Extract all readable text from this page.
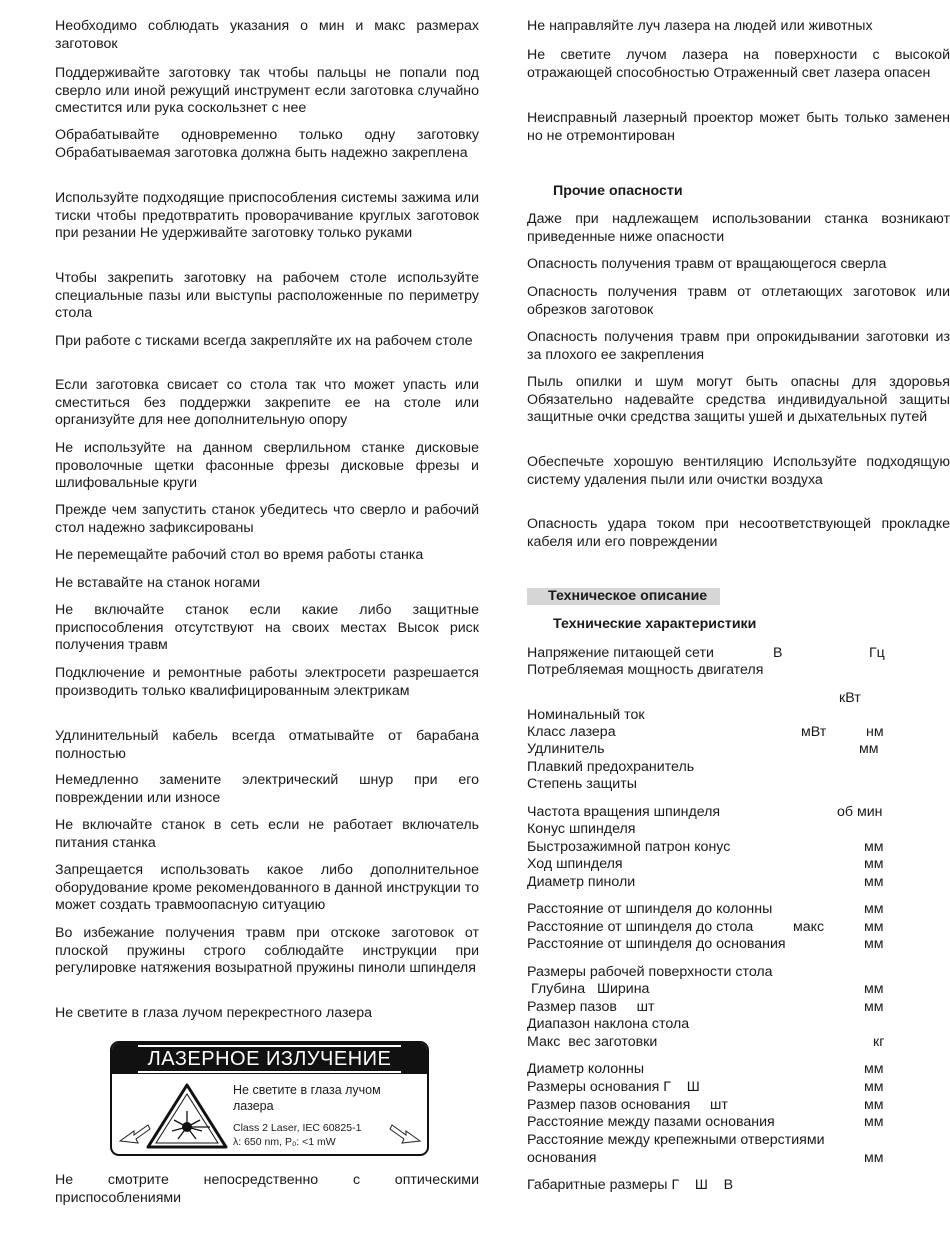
Необходимо соблюдать указания о мин и макс размерах заготовок

Поддерживайте заготовку так чтобы пальцы не попали под сверло или иной режущий инструмент если заготовка случайно сместится или рука соскользнет с нее

Обрабатывайте одновременно только одну заготовку Обрабатываемая заготовка должна быть надежно закреплена

Используйте подходящие приспособления системы зажима или тиски чтобы предотвратить проворачивание круглых заготовок при резании Не удерживайте заготовку только руками

Чтобы закрепить заготовку на рабочем столе используйте специальные пазы или выступы расположенные по периметру стола

При работе с тисками всегда закрепляйте их на рабочем столе

Если заготовка свисает со стола так что может упасть или сместиться без поддержки закрепите ее на столе или организуйте для нее дополнительную опору

Не используйте на данном сверлильном станке дисковые проволочные щетки фасонные фрезы дисковые фрезы и шлифовальные круги

Прежде чем запустить станок убедитесь что сверло и рабочий стол надежно зафиксированы

Не перемещайте рабочий стол во время работы станка

Не вставайте на станок ногами

Не включайте станок если какие либо защитные приспособления отсутствуют на своих местах Высок риск получения травм

Подключение и ремонтные работы электросети разрешается производить только квалифицированным электрикам

Удлинительный кабель всегда отматывайте от барабана полностью

Немедленно замените электрический шнур при его повреждении или износе

Не включайте станок в сеть если не работает включатель питания станка

Запрещается использовать какое либо дополнительное оборудование кроме рекомендованного в данной инструкции то может создать травмоопасную ситуацию

Во избежание получения травм при отскоке заготовок от плоской пружины строго соблюдайте инструкции при регулировке натяжения возыратной пружины пиноли шпинделя

Не светите в глаза лучом перекрестного лазера

Не смотрите непосредственно с оптическими приспособлениями

ЛАЗЕРНОЕ ИЗЛУЧЕНИЕ
Не светите в глаза лучом лазера
Class 2 Laser, IEC 60825-1
λ: 650 nm, P₀: <1 mW

Не направляйте луч лазера на людей или животных

Не светите лучом лазера на поверхности с высокой отражающей способностью Отраженный свет лазера опасен

Неисправный лазерный проектор может быть только заменен но не отремонтирован

Прочие опасности

Даже при надлежащем использовании станка возникают приведенные ниже опасности

Опасность получения травм от вращающегося сверла

Опасность получения травм от отлетающих заготовок или обрезков заготовок

Опасность получения травм при опрокидывании заготовки из за плохого ее закрепления

Пыль опилки и шум могут быть опасны для здоровья Обязательно надевайте средства индивидуальной защиты защитные очки средства защиты ушей и дыхательных путей

Обеспечьте хорошую вентиляцию Используйте подходящую систему удаления пыли или очистки воздуха

Опасность удара током при несоответствующей прокладке кабеля или его повреждении

Техническое описание
Технические характеристики
Напряжение питающей сети	В	Гц
Потребляемая мощность двигателя
кВт
Номинальный ток
Класс лазера	мВт	нм
Удлинитель	мм
Плавкий предохранитель
Степень защиты
Частота вращения шпинделя	об мин
Конус шпинделя
Быстрозажимной патрон конус	мм
Ход шпинделя	мм
Диаметр пиноли	мм
Расстояние от шпинделя до колонны	мм
Расстояние от шпинделя до стола	макс	мм
Расстояние от шпинделя до основания	мм
Размеры рабочей поверхности стола
Глубина   Ширина	мм
Размер пазов     шт	мм
Диапазон наклона стола
Макс  вес заготовки	кг
Диаметр колонны	мм
Размеры основания Г    Ш	мм
Размер пазов основания     шт	мм
Расстояние между пазами основания	мм
Расстояние между крепежными отверстиями
основания	мм
Габаритные размеры Г    Ш    В
